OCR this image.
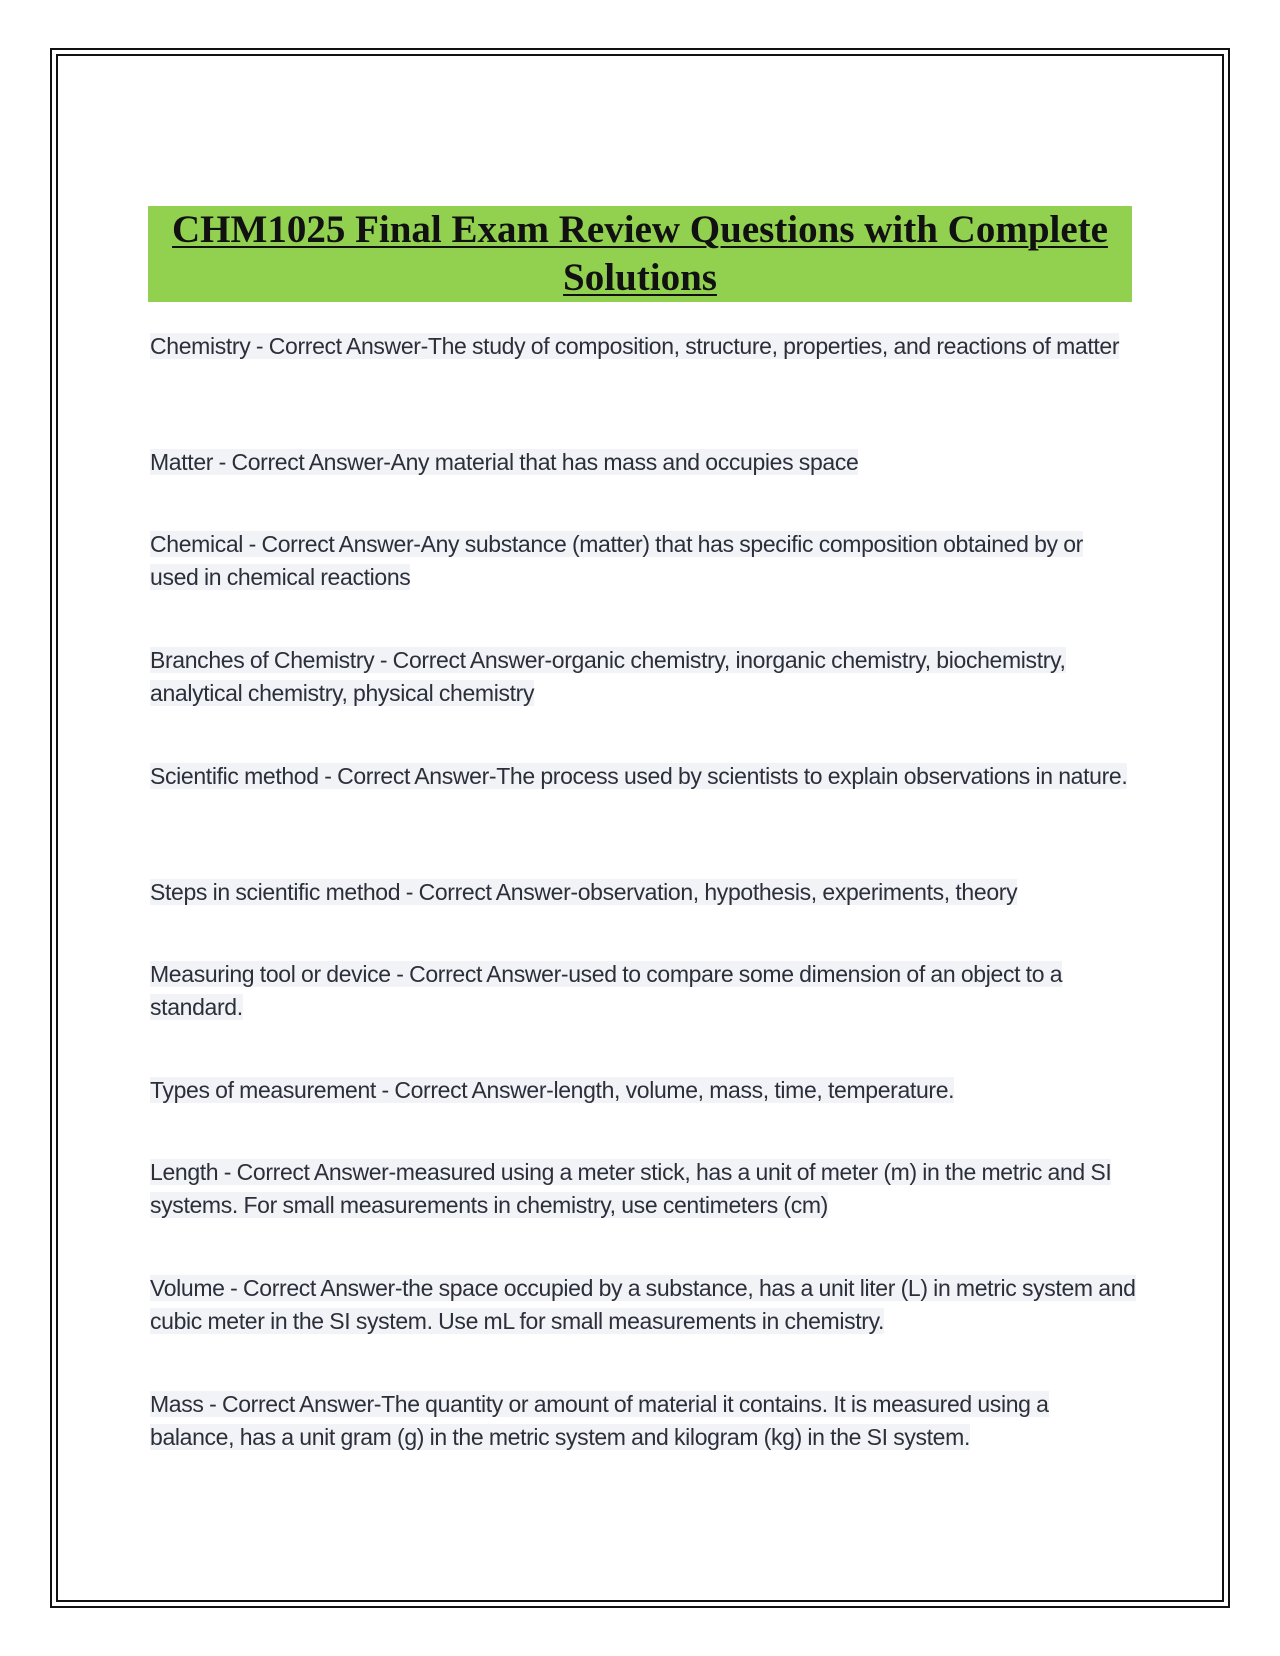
CHM1025 Final Exam Review Questions with Complete Solutions
Chemistry - Correct Answer-The study of composition, structure, properties, and reactions of matter
Matter - Correct Answer-Any material that has mass and occupies space
Chemical - Correct Answer-Any substance (matter) that has specific composition obtained by or used in chemical reactions
Branches of Chemistry - Correct Answer-organic chemistry, inorganic chemistry, biochemistry, analytical chemistry, physical chemistry
Scientific method - Correct Answer-The process used by scientists to explain observations in nature.
Steps in scientific method - Correct Answer-observation, hypothesis, experiments, theory
Measuring tool or device - Correct Answer-used to compare some dimension of an object to a standard.
Types of measurement - Correct Answer-length, volume, mass, time, temperature.
Length - Correct Answer-measured using a meter stick, has a unit of meter (m) in the metric and SI systems. For small measurements in chemistry, use centimeters (cm)
Volume - Correct Answer-the space occupied by a substance, has a unit liter (L) in metric system and cubic meter in the SI system. Use mL for small measurements in chemistry.
Mass - Correct Answer-The quantity or amount of material it contains. It is measured using a balance, has a unit gram (g) in the metric system and kilogram (kg) in the SI system.
